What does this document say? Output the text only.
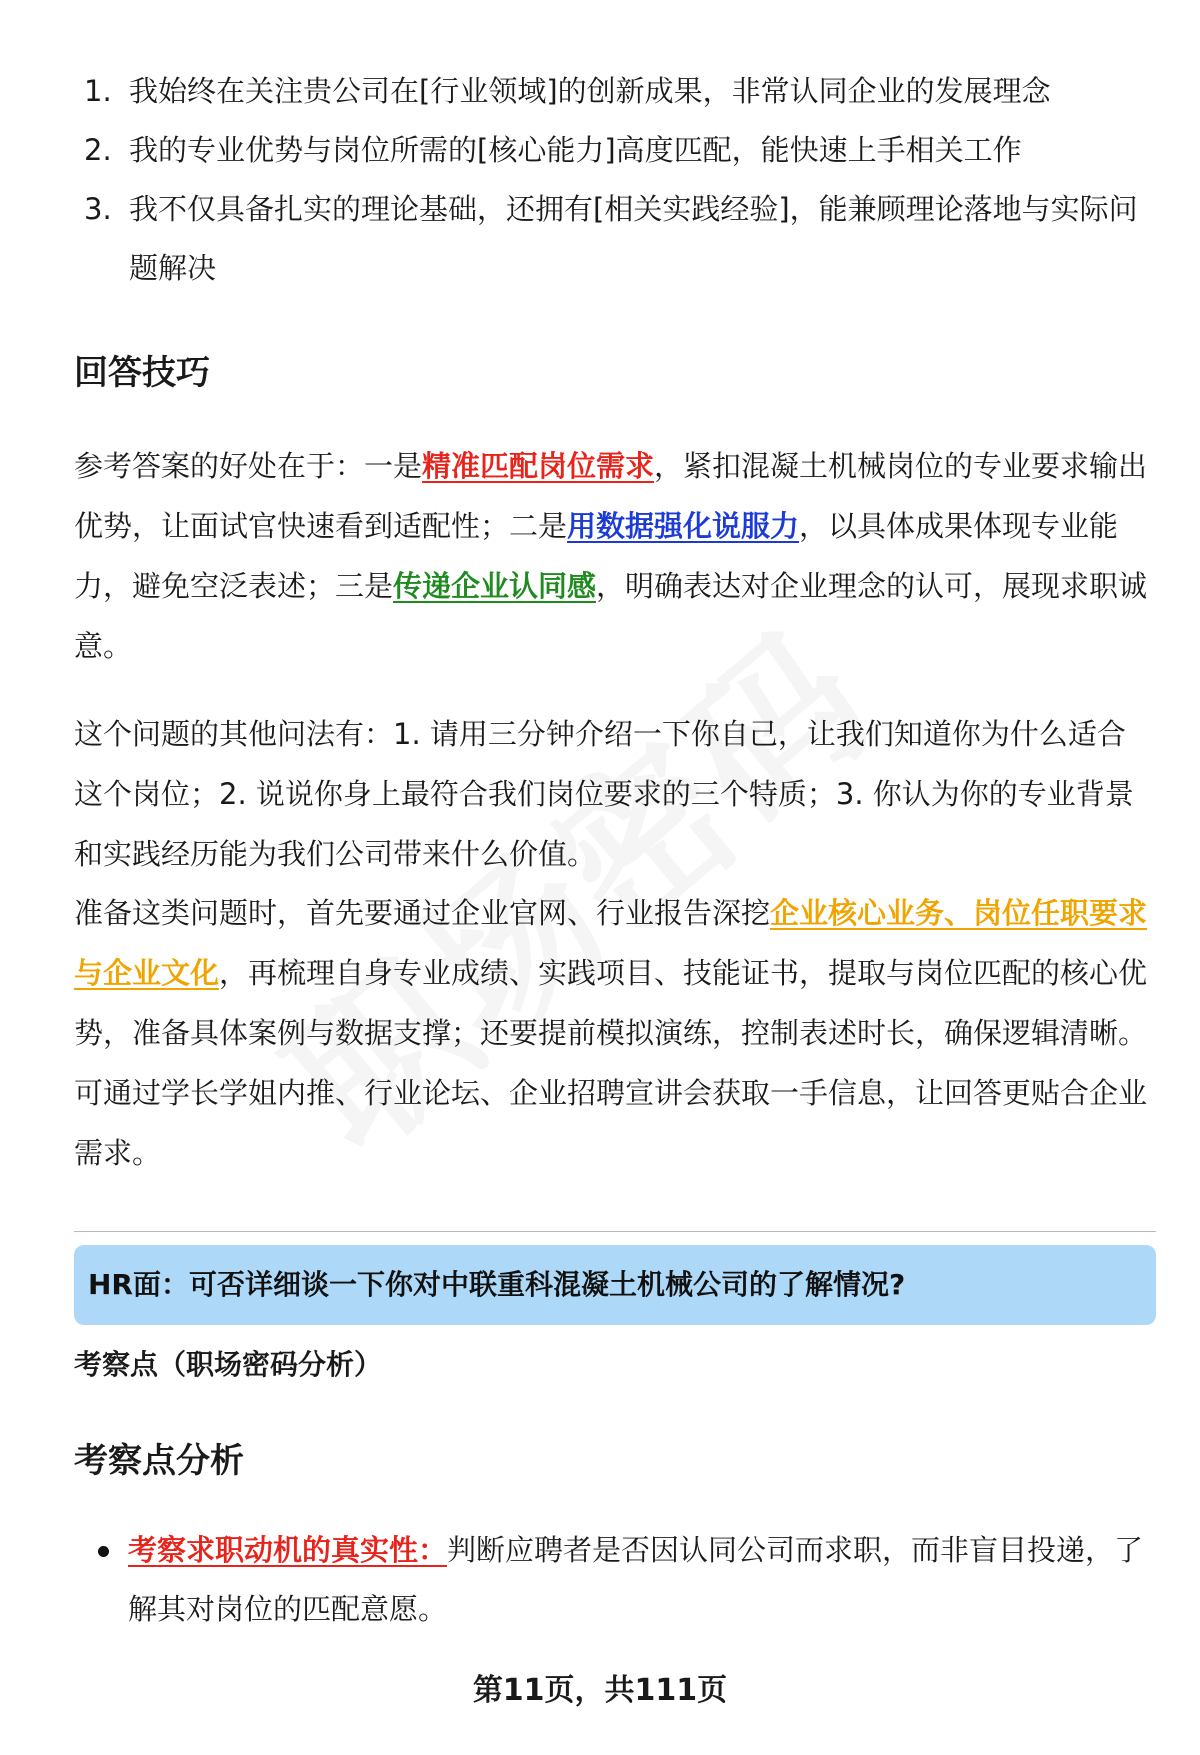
1. 我始终在关注贵公司在[行业领域]的创新成果，非常认同企业的发展理念
2. 我的专业优势与岗位所需的[核心能力]高度匹配，能快速上手相关工作
3. 我不仅具备扎实的理论基础，还拥有[相关实践经验]，能兼顾理论落地与实际问题解决
回答技巧

参考答案的好处在于：一是精准匹配岗位需求，紧扣混凝土机械岗位的专业要求输出优势，让面试官快速看到适配性；二是用数据强化说服力，以具体成果体现专业能力，避免空泛表述；三是传递企业认同感，明确表达对企业理念的认可，展现求职诚意。

这个问题的其他问法有：1. 请用三分钟介绍一下你自己，让我们知道你为什么适合这个岗位；2. 说说你身上最符合我们岗位要求的三个特质；3. 你认为你的专业背景和实践经历能为我们公司带来什么价值。

准备这类问题时，首先要通过企业官网、行业报告深挖企业核心业务、岗位任职要求与企业文化，再梳理自身专业成绩、实践项目、技能证书，提取与岗位匹配的核心优势，准备具体案例与数据支撑；还要提前模拟演练，控制表述时长，确保逻辑清晰。可通过学长学姐内推、行业论坛、企业招聘宣讲会获取一手信息，让回答更贴合企业需求。

HR面：可否详细谈一下你对中联重科混凝土机械公司的了解情况?
考察点（职场密码分析）
考察点分析
考察求职动机的真实性：判断应聘者是否因认同公司而求职，而非盲目投递，了解其对岗位的匹配意愿。
第11页，共111页
